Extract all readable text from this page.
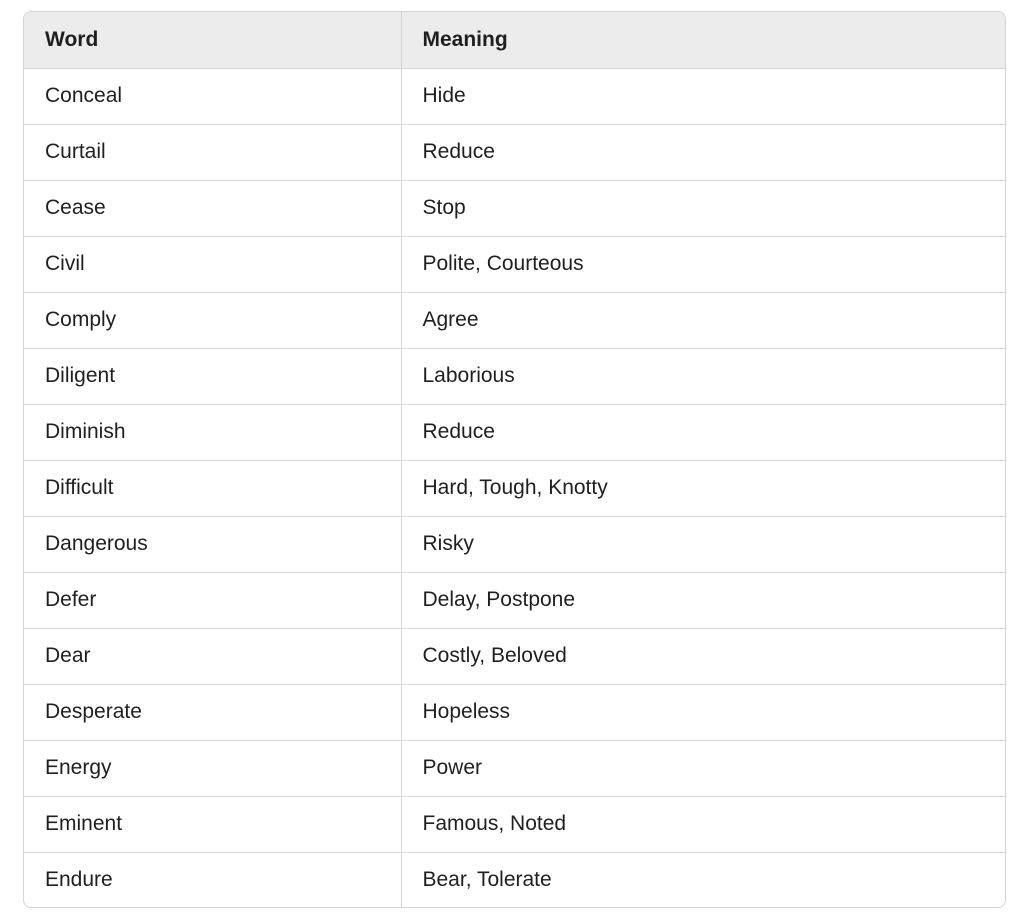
Word	Meaning
Conceal	Hide
Curtail	Reduce
Cease	Stop
Civil	Polite, Courteous
Comply	Agree
Diligent	Laborious
Diminish	Reduce
Difficult	Hard, Tough, Knotty
Dangerous	Risky
Defer	Delay, Postpone
Dear	Costly, Beloved
Desperate	Hopeless
Energy	Power
Eminent	Famous, Noted
Endure	Bear, Tolerate
